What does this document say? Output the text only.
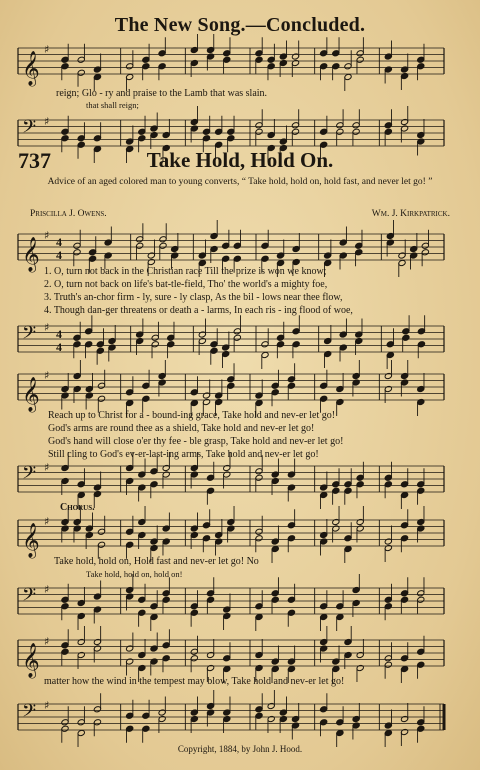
The New Song.—Concluded.
𝄞
♯
reign; Glo - ry and praise to the Lamb that was slain.
that shall reign;
𝄢 ♯
737	Take Hold, Hold On.
Advice of an aged colored man to young converts, “ Take hold, hold on, hold fast, and never let go! ”
Priscilla J. Owens.	Wm. J. Kirkpatrick.
𝄞
♯ 4
4
1. O, turn not back in the Christian race Till the prize is won we know;
2. O, turn not back on life's bat-tle-field, Tho' the world's a mighty foe,
3. Truth's an-chor firm - ly, sure - ly clasp, As the bil - lows near thee flow,
4. Though dan-ger threatens or death a - larms, In each ris - ing flood of woe,
𝄢 ♯ 4
4
𝄞
♯
Reach up to Christ for a - bound-ing grace, Take hold and nev-er let go!
God's arms are round thee as a shield, Take hold and nev-er let go!
God's hand will close o'er thy fee - ble grasp, Take hold and nev-er let go!
Still cling to God's ev-er-last-ing arms, Take hold and nev-er let go!
𝄢 ♯
Chorus.
𝄞
♯
Take hold, hold on, Hold fast and nev-er let go! No
Take hold, hold on, hold on!
𝄢 ♯
𝄞
♯
matter how the wind in the tempest may blow, Take hold and nev-er let go!
𝄢 ♯
Copyright, 1884, by John J. Hood.
